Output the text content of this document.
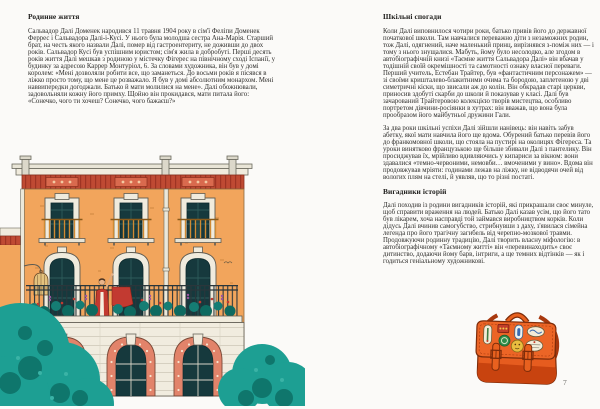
Родинне життя

Сальвадор Далі Доменек народився 11 травня 1904 року в сім'ї Феліпи Доменек Феррес і Сальвадора Далі-і-Кусі. У нього була молодша сестра Ана-Марія. Старший брат, на честь якого назвали Далі, помер від гастроентериту, не доживши до двох років. Сальвадор Кусі був успішним юристом; сім'я жила в добробуті. Перші десять років життя Далі мешкав з родиною у містечку Фігерес на північному сході Іспанії, у будинку за адресою Каррер Монтуріол, 6. За словами художника, він був у домі королем: «Мені дозволяли робити все, що заманеться. До восьми років я пісявся в ліжко просто тому, що мене це розважало. Я був у домі абсолютним монархом. Мені наввипередки догоджали. Батько й мати молилися на мене». Далі обожнювали, задовольняли кожну його примху. Щойно він прокидався, мати питала його: «Сонечко, чого ти хочеш? Сонечко, чого бажаєш?»

Шкільні спогади

Коли Далі виповнилося чотири роки, батько привів його до державної початкової школи. Там навчалися переважно діти з незаможних родин, тож Далі, одягнений, наче маленький принц, вирізнявся з-поміж них — і тому з нього знущалися. Мабуть, йому було несолодко, але згодом в автобіографічній книзі «Таємне життя Сальвадора Далі» він вбачав у тодішній своїй окремішності та самотності ознаку власної переваги. Перший учитель, Естебан Трайтер, був «фантастичним персонажем» — зі своїми кришталево-блакитними очима та бородою, заплетеною у дві симетричні кіски, що звисали аж до колін. Він обкрадав старі церкви, приносив здобуті скарби до школи й показував у класі. Далі був зачарований Трайтеровою колекцією творів мистецтва, особливо портретом дівчини-росіянки в хутрах: він вважав, що вона була прообразом його майбутньої дружини Гали.

За два роки шкільні успіхи Далі зійшли нанівець: він навіть забув абетку, якої мати навчила його ще вдома. Обурений батько перевів його до франкомовної школи, що стояла на пустирі на околицях Фігереса. Та уроки винятково французькою ще більше збивали Далі з пантелику. Він просиджував їх, мрійливо вдивляючись у кипариси за вікном: вони здавалися «темно-червоними, немовби… вмоченими у вино». Вдома він продовжував мріяти: годинами лежав на ліжку, не відводячи очей від вологих плям на стелі, й уявляв, що то різні постаті.

Вигадники історій

Далі походив із родини вигадників історій, які прикрашали своє минуле, щоб справити враження на людей. Батько Далі казав усім, що його тато був лікарем, хоча насправді той займався виробництвом корків. Коли дідусь Далі вчинив самогубство, стрибнувши з даху, з'явилася сімейна легенда про його трагічну загибель від черепно-мозкової травми. Продовжуючи родинну традицію, Далі творить власну міфологію: в автобіографічному «Таємному житті» він «перевинаходить» своє дитинство, додаючи йому барв, інтриги, а ще темних відтінків — як і годиться геніальному художникові.

7
